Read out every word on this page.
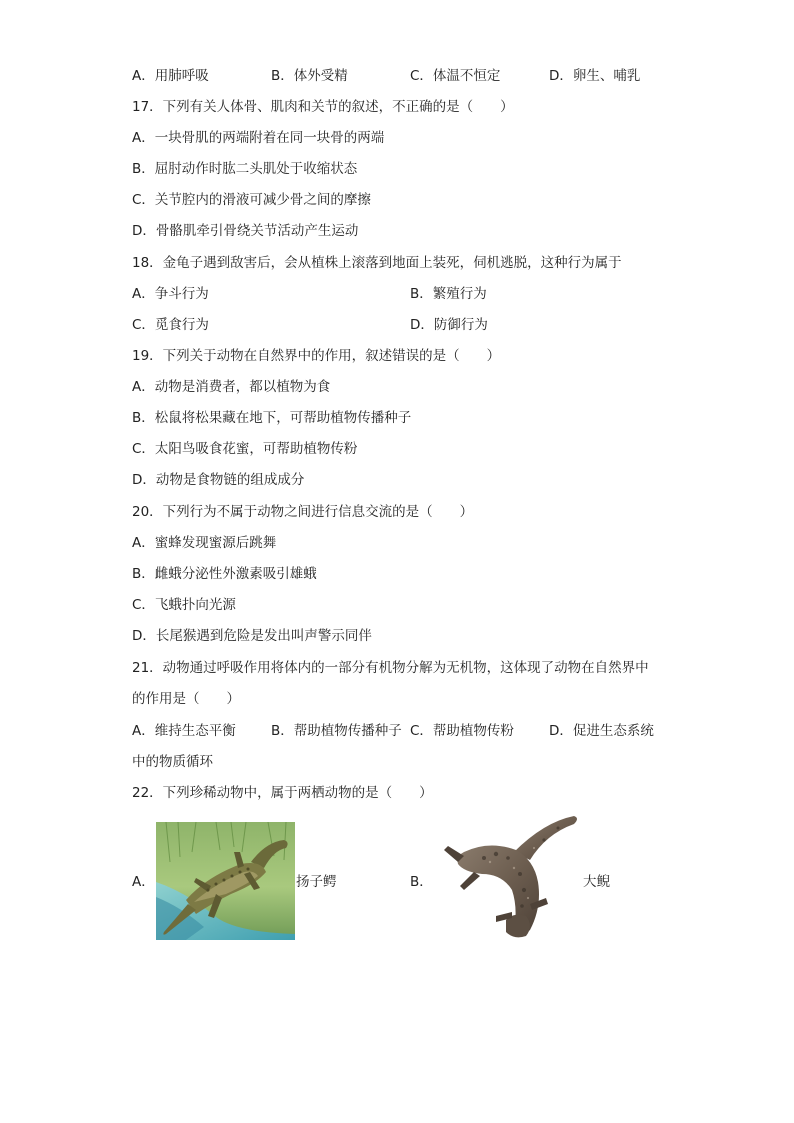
A．用肺呼吸	B．体外受精	C．体温不恒定	D．卵生、哺乳
17．下列有关人体骨、肌肉和关节的叙述，不正确的是（　　）
A．一块骨肌的两端附着在同一块骨的两端
B．屈肘动作时肱二头肌处于收缩状态
C．关节腔内的滑液可减少骨之间的摩擦
D．骨骼肌牵引骨绕关节活动产生运动
18．金龟子遇到敌害后，会从植株上滚落到地面上装死，伺机逃脱，这种行为属于
A．争斗行为	B．繁殖行为
C．觅食行为	D．防御行为
19．下列关于动物在自然界中的作用，叙述错误的是（　　）
A．动物是消费者，都以植物为食
B．松鼠将松果藏在地下，可帮助植物传播种子
C．太阳鸟吸食花蜜，可帮助植物传粉
D．动物是食物链的组成成分
20．下列行为不属于动物之间进行信息交流的是（　　）
A．蜜蜂发现蜜源后跳舞
B．雌蛾分泌性外激素吸引雄蛾
C．飞蛾扑向光源
D．长尾猴遇到危险是发出叫声警示同伴
21．动物通过呼吸作用将体内的一部分有机物分解为无机物，这体现了动物在自然界中
的作用是（　　）
A．维持生态平衡	B．帮助植物传播种子 C．帮助植物传粉	D．促进生态系统
中的物质循环
22．下列珍稀动物中，属于两栖动物的是（　　）
A．	扬子鳄	B．	大鲵
